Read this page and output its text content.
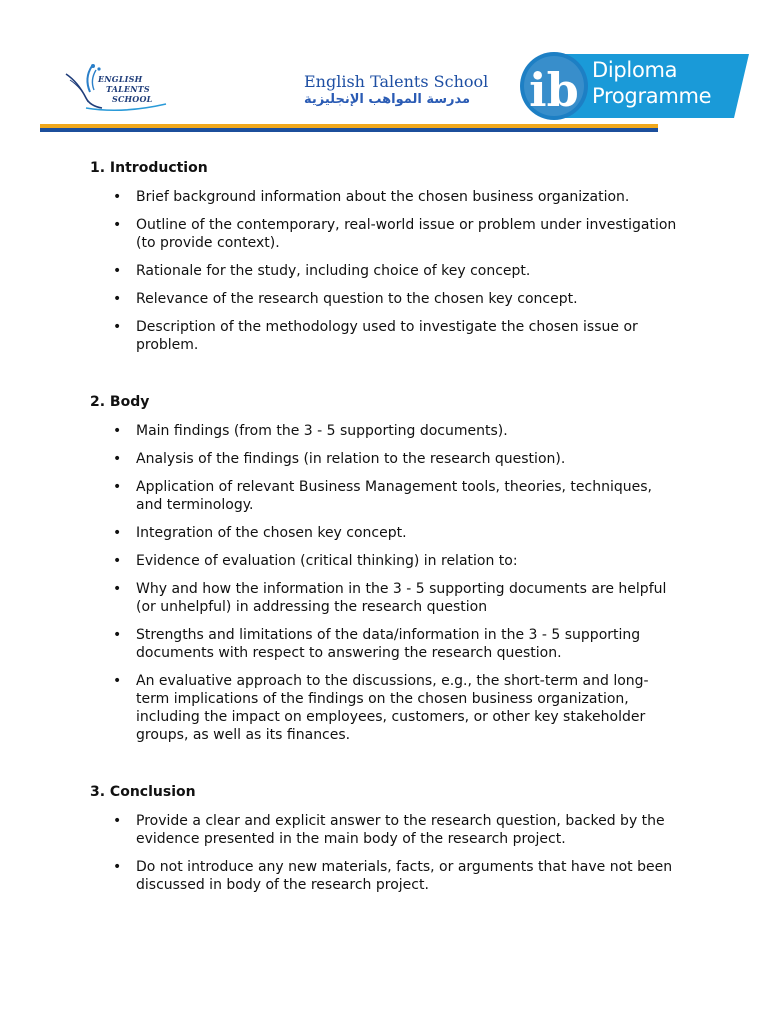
ENGLISH
TALENTS
SCHOOL
English Talents School
مدرسة المواهب الإنجليزية	ib Diploma
Programme
1. Introduction
• Brief background information about the chosen business organization.
• Outline of the contemporary, real-world issue or problem under investigation (to provide context).
• Rationale for the study, including choice of key concept.
• Relevance of the research question to the chosen key concept.
• Description of the methodology used to investigate the chosen issue or problem.
2. Body
• Main findings (from the 3 - 5 supporting documents).
• Analysis of the findings (in relation to the research question).
• Application of relevant Business Management tools, theories, techniques, and terminology.
• Integration of the chosen key concept.
• Evidence of evaluation (critical thinking) in relation to:
• Why and how the information in the 3 - 5 supporting documents are helpful (or unhelpful) in addressing the research question
• Strengths and limitations of the data/information in the 3 - 5 supporting documents with respect to answering the research question.
• An evaluative approach to the discussions, e.g., the short-term and long-term implications of the findings on the chosen business organization, including the impact on employees, customers, or other key stakeholder groups, as well as its finances.
3. Conclusion
• Provide a clear and explicit answer to the research question, backed by the evidence presented in the main body of the research project.
• Do not introduce any new materials, facts, or arguments that have not been discussed in body of the research project.
